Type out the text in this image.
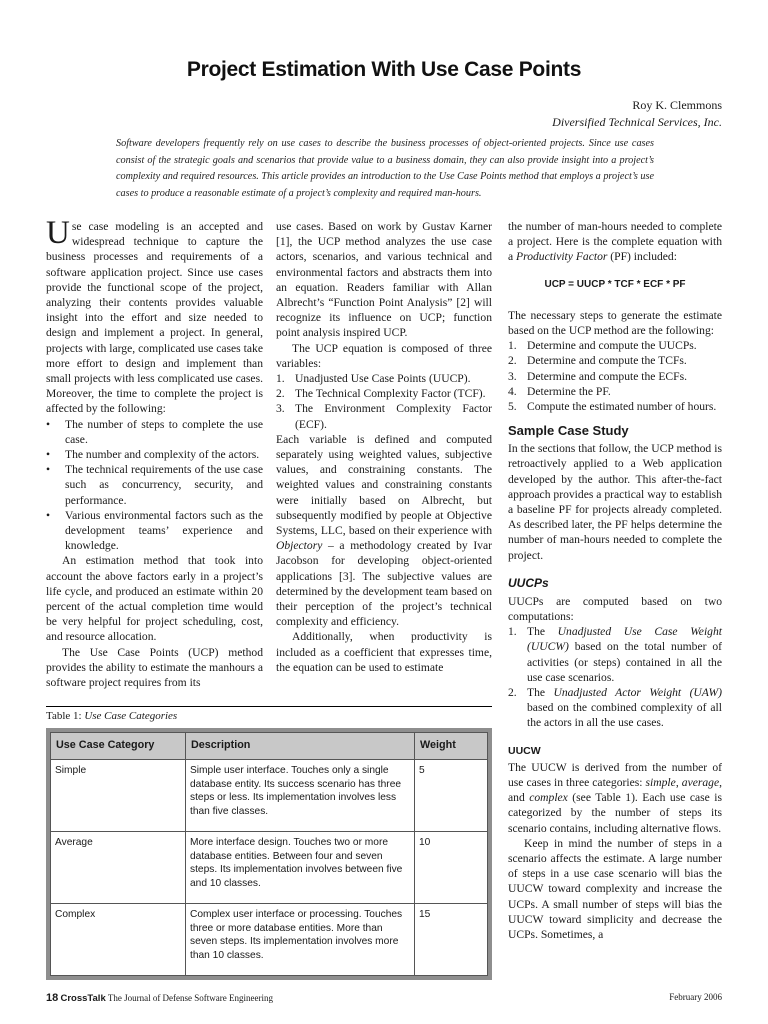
Project Estimation With Use Case Points
Roy K. Clemmons
Diversified Technical Services, Inc.
Software developers frequently rely on use cases to describe the business processes of object-oriented projects. Since use cases consist of the strategic goals and scenarios that provide value to a business domain, they can also provide insight into a project’s complexity and required resources. This article provides an introduction to the Use Case Points method that employs a project’s use cases to produce a reasonable estimate of a project’s complexity and required man-hours.

Use case modeling is an accepted and widespread technique to capture the business processes and requirements of a software application project. Since use cases provide the functional scope of the project, analyzing their contents provides valuable insight into the effort and size needed to design and implement a project. In general, projects with large, complicated use cases take more effort to design and implement than small projects with less complicated use cases. Moreover, the time to complete the project is affected by the following:

• The number of steps to complete the use case.
• The number and complexity of the actors.
• The technical requirements of the use case such as concurrency, security, and performance.
• Various environmental factors such as the development teams’ experience and knowledge.

An estimation method that took into account the above factors early in a project’s life cycle, and produced an estimate within 20 percent of the actual completion time would be very helpful for project scheduling, cost, and resource allocation.

The Use Case Points (UCP) method provides the ability to estimate the manhours a software project requires from its

use cases. Based on work by Gustav Karner [1], the UCP method analyzes the use case actors, scenarios, and various technical and environmental factors and abstracts them into an equation. Readers familiar with Allan Albrecht’s “Function Point Analysis” [2] will recognize its influence on UCP; function point analysis inspired UCP.

The UCP equation is composed of three variables:

1. Unadjusted Use Case Points (UUCP).
2. The Technical Complexity Factor (TCF).
3. The Environment Complexity Factor (ECF).

Each variable is defined and computed separately using weighted values, subjective values, and constraining constants. The weighted values and constraining constants were initially based on Albrecht, but subsequently modified by people at Objective Systems, LLC, based on their experience with Objectory – a methodology created by Ivar Jacobson for developing object-oriented applications [3]. The subjective values are determined by the development team based on their perception of the project’s technical complexity and efficiency.

Additionally, when productivity is included as a coefficient that expresses time, the equation can be used to estimate

the number of man-hours needed to complete a project. Here is the complete equation with a Productivity Factor (PF) included:

UCP = UUCP * TCF * ECF * PF

The necessary steps to generate the estimate based on the UCP method are the following:

1. Determine and compute the UUCPs.
2. Determine and compute the TCFs.
3. Determine and compute the ECFs.
4. Determine the PF.
5. Compute the estimated number of hours.
Sample Case Study

In the sections that follow, the UCP method is retroactively applied to a Web application developed by the author. This after-the-fact approach provides a practical way to establish a baseline PF for projects already completed. As described later, the PF helps determine the number of man-hours needed to complete the project.

UUCPs

UUCPs are computed based on two computations:

1. The Unadjusted Use Case Weight (UUCW) based on the total number of activities (or steps) contained in all the use case scenarios.
2. The Unadjusted Actor Weight (UAW) based on the combined complexity of all the actors in all the use cases.
UUCW

The UUCW is derived from the number of use cases in three categories: simple, average, and complex (see Table 1). Each use case is categorized by the number of steps its scenario contains, including alternative flows.

Keep in mind the number of steps in a scenario affects the estimate. A large number of steps in a use case scenario will bias the UUCW toward complexity and increase the UCPs. A small number of steps will bias the UUCW toward simplicity and decrease the UCPs. Sometimes, a

Table 1: Use Case Categories
Use Case Category	Description	Weight
Simple	Simple user interface. Touches only a single database entity. Its success scenario has three steps or less. Its implementation involves less than five classes.	5
Average	More interface design. Touches two or more database entities. Between four and seven steps. Its implementation involves between five and 10 classes.	10
Complex	Complex user interface or processing. Touches three or more database entities. More than seven steps. Its implementation involves more than 10 classes.	15
18 CrossTalk The Journal of Defense Software Engineering	February 2006
